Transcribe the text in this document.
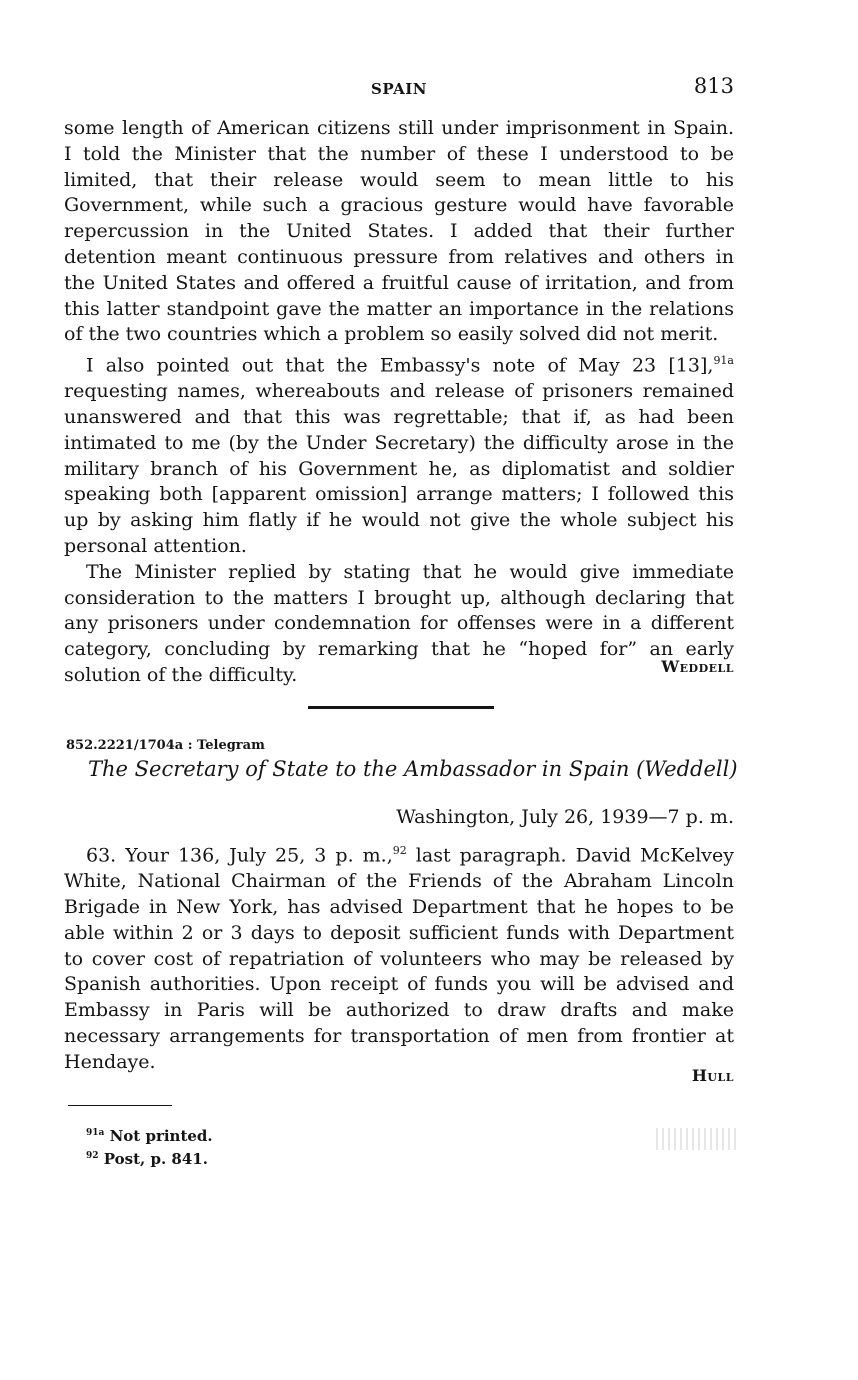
SPAIN	813

some length of American citizens still under imprisonment in Spain. I told the Minister that the number of these I understood to be limited, that their release would seem to mean little to his Government, while such a gracious gesture would have favorable repercussion in the United States. I added that their further detention meant continuous pressure from relatives and others in the United States and offered a fruitful cause of irritation, and from this latter standpoint gave the matter an importance in the relations of the two countries which a problem so easily solved did not merit.

I also pointed out that the Embassy's note of May 23 [13],$^{91a}$ requesting names, whereabouts and release of prisoners remained unanswered and that this was regrettable; that if, as had been intimated to me (by the Under Secretary) the difficulty arose in the military branch of his Government he, as diplomatist and soldier speaking both [apparent omission] arrange matters; I followed this up by asking him flatly if he would not give the whole subject his personal attention.

The Minister replied by stating that he would give immediate consideration to the matters I brought up, although declaring that any prisoners under condemnation for offenses were in a different category, concluding by remarking that he “hoped for” an early solution of the difficulty.	Weddell
852.2221/1704a : Telegram
The Secretary of State to the Ambassador in Spain (Weddell)
Washington, July 26, 1939—7 p. m.

63. Your 136, July 25, 3 p. m.,$^{92}$ last paragraph. David McKelvey White, National Chairman of the Friends of the Abraham Lincoln Brigade in New York, has advised Department that he hopes to be able within 2 or 3 days to deposit sufficient funds with Department to cover cost of repatriation of volunteers who may be released by Spanish authorities. Upon receipt of funds you will be advised and Embassy in Paris will be authorized to draw drafts and make necessary arrangements for transportation of men from frontier at Hendaye.

Hull
$^{91a}$ Not printed.
$^{92}$ Post, p. 841.
